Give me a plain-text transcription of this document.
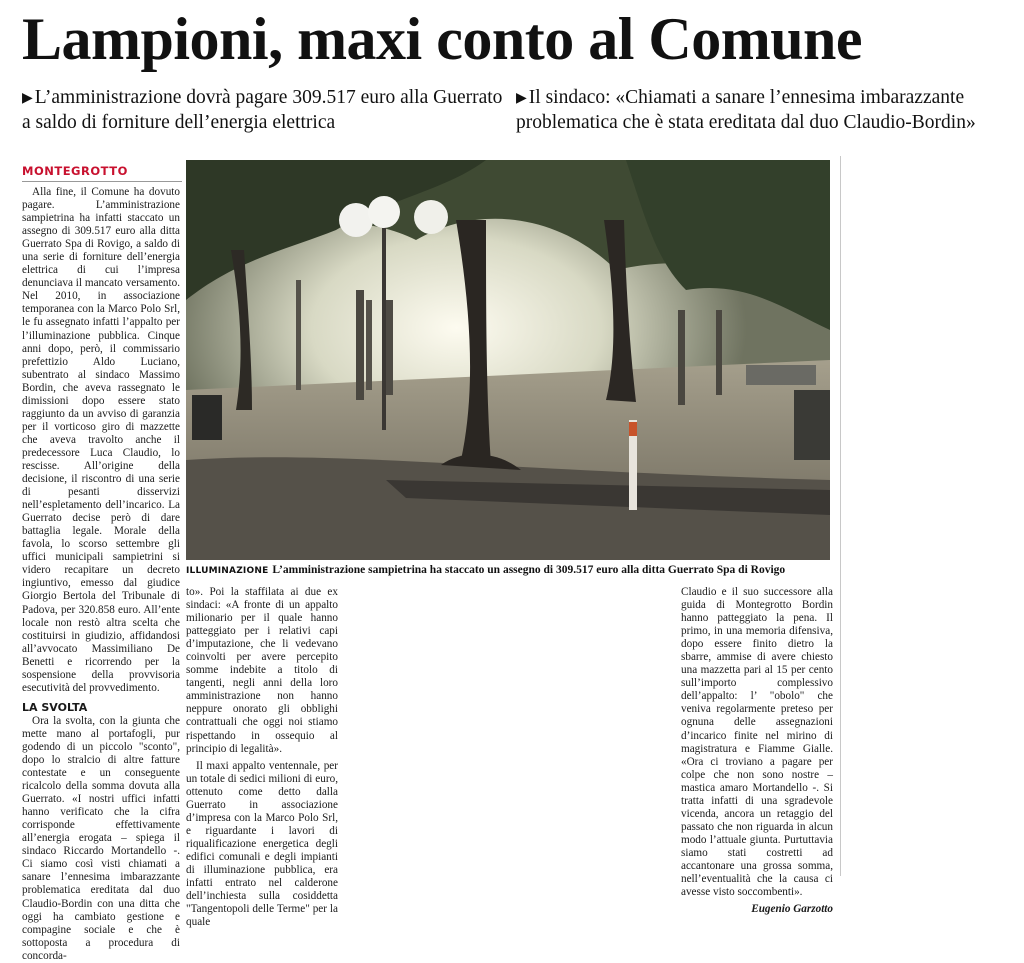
Lampioni, maxi conto al Comune
▶ L’amministrazione dovrà pagare 309.517 euro alla Guerrato a saldo di forniture dell’energia elettrica
▶ Il sindaco: «Chiamati a sanare l’ennesima imbarazzante problematica che è stata ereditata dal duo Claudio-Bordin»
MONTEGROTTO

Alla fine, il Comune ha dovuto pagare. L’amministrazione sampietrina ha infatti staccato un assegno di 309.517 euro alla ditta Guerrato Spa di Rovigo, a saldo di una serie di forniture dell’energia elettrica di cui l’impresa denunciava il mancato versamento. Nel 2010, in associazione temporanea con la Marco Polo Srl, le fu assegnato infatti l’appalto per l’illuminazione pubblica. Cinque anni dopo, però, il commissario prefettizio Aldo Luciano, subentrato al sindaco Massimo Bordin, che aveva rassegnato le dimissioni dopo essere stato raggiunto da un avviso di garanzia per il vorticoso giro di mazzette che aveva travolto anche il predecessore Luca Claudio, lo rescisse. All’origine della decisione, il riscontro di una serie di pesanti disservizi nell’espletamento dell’incarico. La Guerrato decise però di dare battaglia legale. Morale della favola, lo scorso settembre gli uffici municipali sampietrini si videro recapitare un decreto ingiuntivo, emesso dal giudice Giorgio Bertola del Tribunale di Padova, per 320.858 euro. All’ente locale non restò altra scelta che costituirsi in giudizio, affidandosi all’avvocato Massimiliano De Benetti e ricorrendo per la sospensione della provvisoria esecutività del provvedimento.

LA SVOLTA

Ora la svolta, con la giunta che mette mano al portafogli, pur godendo di un piccolo "sconto", dopo lo stralcio di altre fatture contestate e un conseguente ricalcolo della somma dovuta alla Guerrato. «I nostri uffici infatti hanno verificato che la cifra corrisponde effettivamente all’energia erogata – spiega il sindaco Riccardo Mortandello -. Ci siamo così visti chiamati a sanare l’ennesima imbarazzante problematica ereditata dal duo Claudio-Bordin con una ditta che oggi ha cambiato gestione e compagine sociale e che è sottoposta a procedura di concorda-

ILLUMINAZIONE L’amministrazione sampietrina ha staccato un assegno di 309.517 euro alla ditta Guerrato Spa di Rovigo

to». Poi la staffilata ai due ex sindaci: «A fronte di un appalto milionario per il quale hanno patteggiato per i relativi capi d’imputazione, che li vedevano coinvolti per avere percepito somme indebite a titolo di tangenti, negli anni della loro amministrazione non hanno neppure onorato gli obblighi contrattuali che oggi noi stiamo rispettando in ossequio al principio di legalità».

Il maxi appalto ventennale, per un totale di sedici milioni di euro, ottenuto come detto dalla Guerrato in associazione d’impresa con la Marco Polo Srl, e riguardante i lavori di riqualificazione energetica degli edifici comunali e degli impianti di illuminazione pubblica, era infatti entrato nel calderone dell’inchiesta sulla cosiddetta "Tangentopoli delle Terme" per la quale

Claudio e il suo successore alla guida di Montegrotto Bordin hanno patteggiato la pena. Il primo, in una memoria difensiva, dopo essere finito dietro la sbarre, ammise di avere chiesto una mazzetta pari al 15 per cento sull’importo complessivo dell’appalto: l’ "obolo" che veniva regolarmente preteso per ognuna delle assegnazioni d’incarico finite nel mirino di magistratura e Fiamme Gialle. «Ora ci troviano a pagare per colpe che non sono nostre – mastica amaro Mortandello -. Si tratta infatti di una sgradevole vicenda, ancora un retaggio del passato che non riguarda in alcun modo l’attuale giunta. Purtuttavia siamo stati costretti ad accantonare una grossa somma, nell’eventualità che la causa ci avesse visto soccombenti».

Eugenio Garzotto
